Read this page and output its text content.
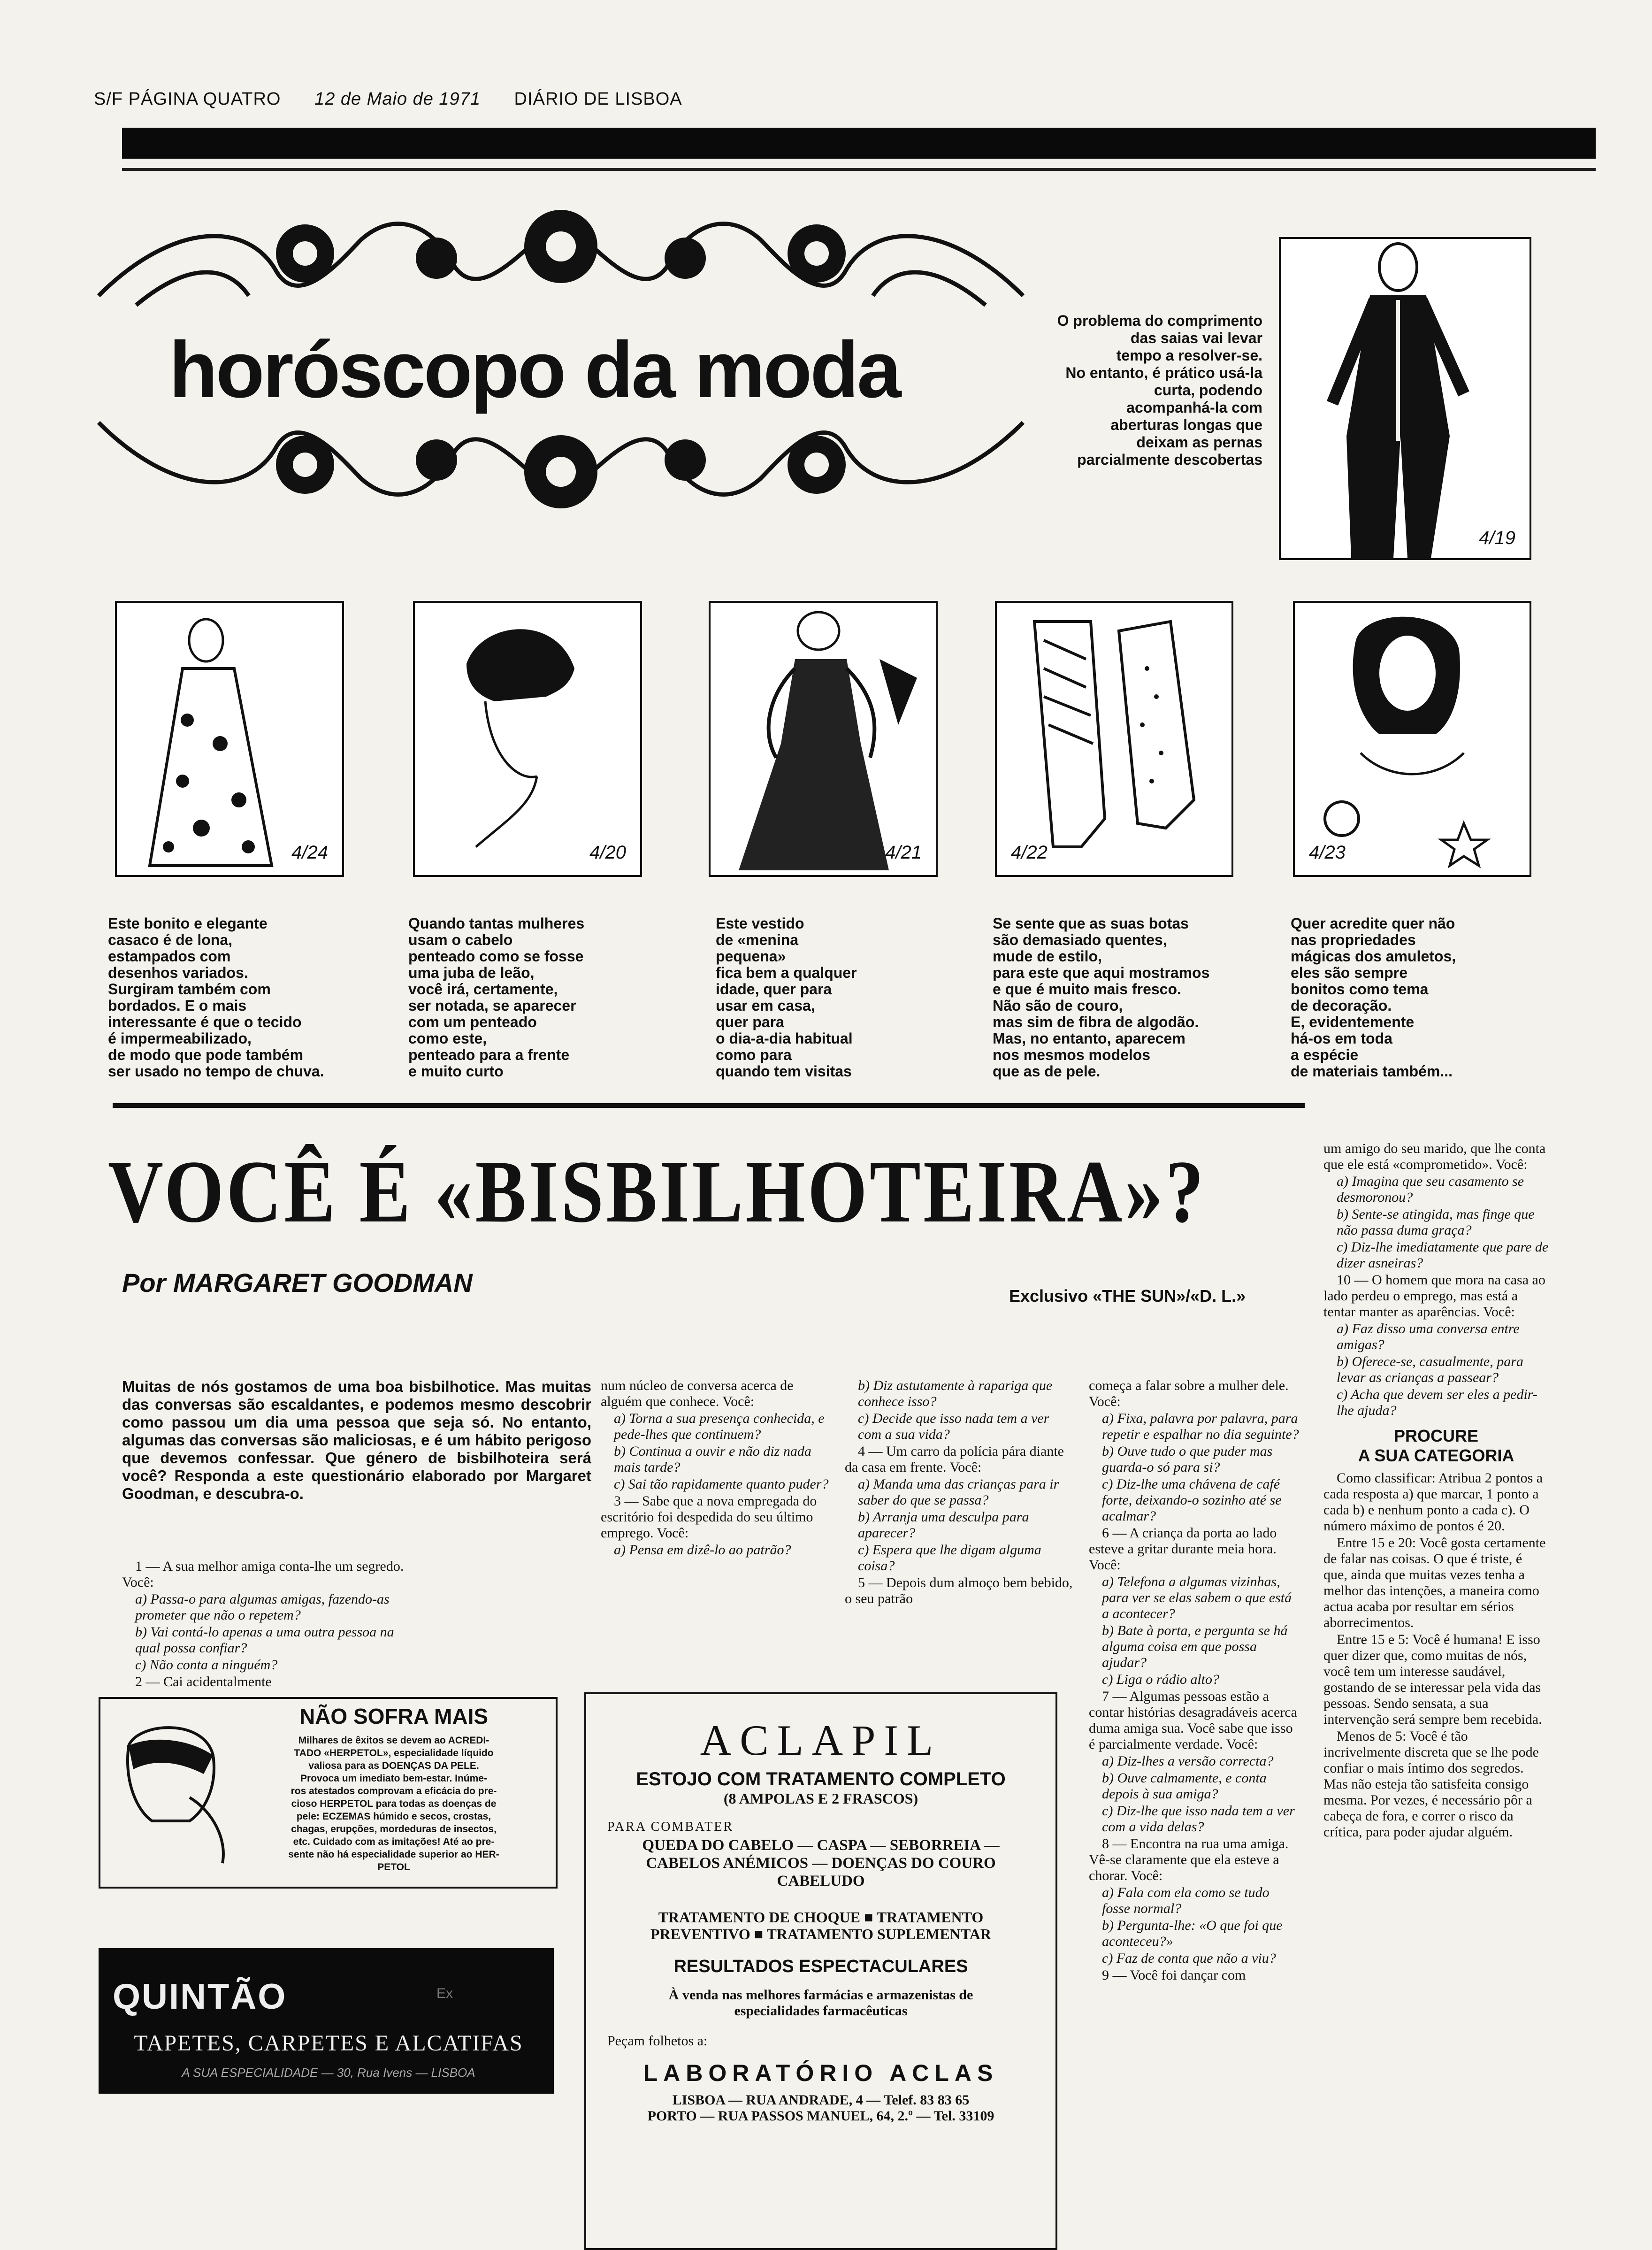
S/F PÁGINA QUATRO 12 de Maio de 1971 DIÁRIO DE LISBOA
horóscopo da moda
O problema do comprimento
das saias vai levar
tempo a resolver-se.
No entanto, é prático usá-la
curta, podendo
acompanhá-la com
aberturas longas que
deixam as pernas
parcialmente descobertas
4/19
4/24	4/20	4/21	4/22	4/23
Este bonito e elegante
casaco é de lona,
estampados com
desenhos variados.
Surgiram também com
bordados. E o mais
interessante é que o tecido
é impermeabilizado,
de modo que pode também
ser usado no tempo de chuva.
Quando tantas mulheres
usam o cabelo
penteado como se fosse
uma juba de leão,
você irá, certamente,
ser notada, se aparecer
com um penteado
como este,
penteado para a frente
e muito curto
Este vestido
de «menina
pequena»
fica bem a qualquer
idade, quer para
usar em casa,
quer para
o dia-a-dia habitual
como para
quando tem visitas
Se sente que as suas botas
são demasiado quentes,
mude de estilo,
para este que aqui mostramos
e que é muito mais fresco.
Não são de couro,
mas sim de fibra de algodão.
Mas, no entanto, aparecem
nos mesmos modelos
que as de pele.
Quer acredite quer não
nas propriedades
mágicas dos amuletos,
eles são sempre
bonitos como tema
de decoração.
E, evidentemente
há-os em toda
a espécie
de materiais também...
VOCÊ É «BISBILHOTEIRA»?
Por MARGARET GOODMAN	Exclusivo «THE SUN»/«D. L.»
Muitas de nós gostamos de uma boa bisbilhotice. Mas muitas das conversas são escaldantes, e podemos mesmo descobrir como passou um dia uma pessoa que seja só. No entanto, algumas das conversas são maliciosas, e é um hábito perigoso que devemos confessar. Que género de bisbilhoteira será você? Responda a este questionário elaborado por Margaret Goodman, e descubra-o.

1 — A sua melhor amiga conta-lhe um segredo. Você:

a) Passa-o para algumas amigas, fazendo-as prometer que não o repetem?

b) Vai contá-lo apenas a uma outra pessoa na qual possa confiar?

c) Não conta a ninguém?

2 — Cai acidentalmente

num núcleo de conversa acerca de alguém que conhece. Você:

a) Torna a sua presença conhecida, e pede-lhes que continuem?

b) Continua a ouvir e não diz nada mais tarde?

c) Sai tão rapidamente quanto puder?

3 — Sabe que a nova empregada do escritório foi despedida do seu último emprego. Você:

a) Pensa em dizê-lo ao patrão?

b) Diz astutamente à rapariga que conhece isso?

c) Decide que isso nada tem a ver com a sua vida?

4 — Um carro da polícia pára diante da casa em frente. Você:

a) Manda uma das crianças para ir saber do que se passa?

b) Arranja uma desculpa para aparecer?

c) Espera que lhe digam alguma coisa?

5 — Depois dum almoço bem bebido, o seu patrão

começa a falar sobre a mulher dele. Você:

a) Fixa, palavra por palavra, para repetir e espalhar no dia seguinte?

b) Ouve tudo o que puder mas guarda-o só para si?

c) Diz-lhe uma chávena de café forte, deixando-o sozinho até se acalmar?

6 — A criança da porta ao lado esteve a gritar durante meia hora. Você:

a) Telefona a algumas vizinhas, para ver se elas sabem o que está a acontecer?

b) Bate à porta, e pergunta se há alguma coisa em que possa ajudar?

c) Liga o rádio alto?

7 — Algumas pessoas estão a contar histórias desagradáveis acerca duma amiga sua. Você sabe que isso é parcialmente verdade. Você:

a) Diz-lhes a versão correcta?

b) Ouve calmamente, e conta depois à sua amiga?

c) Diz-lhe que isso nada tem a ver com a vida delas?

8 — Encontra na rua uma amiga. Vê-se claramente que ela esteve a chorar. Você:

a) Fala com ela como se tudo fosse normal?

b) Pergunta-lhe: «O que foi que aconteceu?»

c) Faz de conta que não a viu?

9 — Você foi dançar com

um amigo do seu marido, que lhe conta que ele está «comprometido». Você:

a) Imagina que seu casamento se desmoronou?

b) Sente-se atingida, mas finge que não passa duma graça?

c) Diz-lhe imediatamente que pare de dizer asneiras?

10 — O homem que mora na casa ao lado perdeu o emprego, mas está a tentar manter as aparências. Você:

a) Faz disso uma conversa entre amigas?

b) Oferece-se, casualmente, para levar as crianças a passear?

c) Acha que devem ser eles a pedir-lhe ajuda?

PROCURE
A SUA CATEGORIA

Como classificar: Atribua 2 pontos a cada resposta a) que marcar, 1 ponto a cada b) e nenhum ponto a cada c). O número máximo de pontos é 20.

Entre 15 e 20: Você gosta certamente de falar nas coisas. O que é triste, é que, ainda que muitas vezes tenha a melhor das intenções, a maneira como actua acaba por resultar em sérios aborrecimentos.

Entre 15 e 5: Você é humana! E isso quer dizer que, como muitas de nós, você tem um interesse saudável, gostando de se interessar pela vida das pessoas. Sendo sensata, a sua intervenção será sempre bem recebida.

Menos de 5: Você é tão incrivelmente discreta que se lhe pode confiar o mais íntimo dos segredos. Mas não esteja tão satisfeita consigo mesma. Por vezes, é necessário pôr a cabeça de fora, e correr o risco da crítica, para poder ajudar alguém.

NÃO SOFRA MAIS
Milhares de êxitos se devem ao ACREDI-
TADO «HERPETOL», especialidade líquido
valiosa para as DOENÇAS DA PELE.
Provoca um imediato bem-estar. Inúme-
ros atestados comprovam a eficácia do pre-
cioso HERPETOL para todas as doenças de
pele: ECZEMAS húmido e secos, crostas,
chagas, erupções, mordeduras de insectos,
etc. Cuidado com as imitações! Até ao pre-
sente não há especialidade superior ao HER-
PETOL
ACLAPIL
ESTOJO COM TRATAMENTO COMPLETO
(8 AMPOLAS E 2 FRASCOS)
PARA COMBATER
QUEDA DO CABELO — CASPA — SEBORREIA —
CABELOS ANÉMICOS — DOENÇAS DO COURO
CABELUDO
TRATAMENTO DE CHOQUE ■ TRATAMENTO
PREVENTIVO ■ TRATAMENTO SUPLEMENTAR
RESULTADOS ESPECTACULARES
À venda nas melhores farmácias e armazenistas de
especialidades farmacêuticas
Peçam folhetos a:
LABORATÓRIO ACLAS
LISBOA — RUA ANDRADE, 4 — Telef. 83 83 65
PORTO — RUA PASSOS MANUEL, 64, 2.º — Tel. 33109
QUINTÃO	Ex
TAPETES, CARPETES E ALCATIFAS
A SUA ESPECIALIDADE — 30, Rua Ivens — LISBOA
